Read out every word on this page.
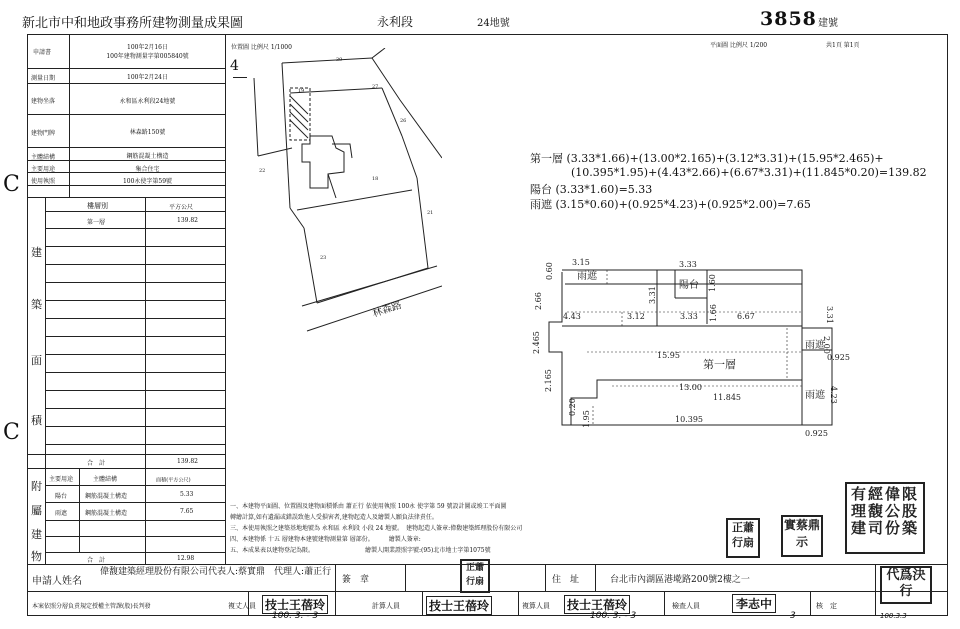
新北市中和地政事務所建物測量成果圖	永利段	24地號	3858 建號
申請書
100年2月16日
100年建物測量字第005840號
測量日期	100年2月24日
建物坐落	永和區永利段24地號
建物門牌	林森路150號
主體結構	鋼筋混凝土構造
主要用途	集合住宅
使用執照	100永使字第59號
樓層別	平方公尺
第一層	139.82
合　計	139.82
建
築
面
積
主要用途	主體結構	面積(平方公尺)
陽台	鋼筋混凝土構造	5.33
雨遮	鋼筋混凝土構造	7.65
合　計	12.98
附
屬
建
物
C
C
位置圖 比例尺 1/1000
4	39
27
26
22
21
23
19
18
林森路
平面圖 比例尺 1/200	共1頁 第1頁
第一層 (3.33*1.66)+(13.00*2.165)+(3.12*3.31)+(15.95*2.465)+
(10.395*1.95)+(4.43*2.66)+(6.67*3.31)+(11.845*0.20)=139.82
陽台 (3.33*1.60)=5.33
雨遮 (3.15*0.60)+(0.925*4.23)+(0.925*2.00)=7.65
雨遮
陽台
第一層
雨遮
雨遮
3.15	3.33
0.60
2.66	3.31
1.60
4.43	3.12	3.33 1.66 6.67	3.31
2.465
15.95
2.00
0.925
2.165	13.00
11.845
0.20
1.95
4.23
10.395
0.925
一、本建物平面圖、位置圖及建物面積係由 蕭正行 依使用執照 100永 使字第 59 號設計圖或竣工平面圖
轉繪計算,如有遺漏或錯誤致他人受損害者,建物起造人及繪製人願負法律責任。
三、本使用執照之建築基地地號為 永和區 永利段 小段 24 地號。　建物起造人簽章:偉馥建築經理股份有限公司
四、本建物係 十五 層建物本建號建物測量第 層部份。　　　繪製人簽章:
五、本成果表以建物登記為限。　　　　　　　　　繪製人開業證照字號:(95)北市地士字第1075號
有經偉限理馥公股建司份築
正蕭行扇
實蔡鼎示
申請人姓名
偉馥建築經理股份有限公司代表人:蔡實鼎　代理人:蕭正行
簽　章
正蕭行扇	住　址	台北市內湖區港墘路200號2樓之一	代爲決行
本案依照分層負責規定授權主管課(股)長判發	複丈人員 技士王蓓玲
100. 3. - 3
計算人員 技士王蓓玲	複算人員 技士王蓓玲
100. 3. - 3
檢查人員	李志中
3
核　定
100.3.3
